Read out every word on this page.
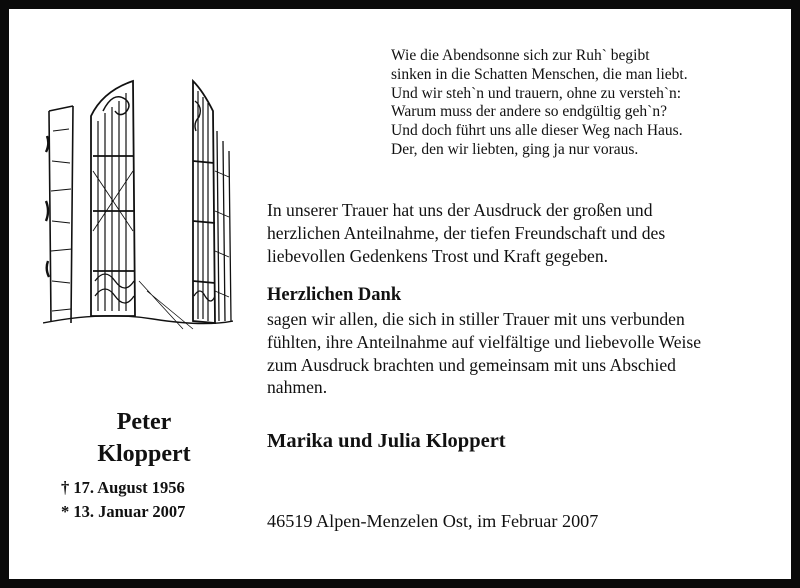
Wie die Abendsonne sich zur Ruh` begibt
sinken in die Schatten Menschen, die man liebt.
Und wir steh`n und trauern, ohne zu versteh`n:
Warum muss der andere so endgültig geh`n?
Und doch führt uns alle dieser Weg nach Haus.
Der, den wir liebten, ging ja nur voraus.
In unserer Trauer hat uns der Ausdruck der großen und
herzlichen Anteilnahme, der tiefen Freundschaft und des
liebevollen Gedenkens Trost und Kraft gegeben.
Herzlichen Dank
sagen wir allen, die sich in stiller Trauer mit uns verbunden
fühlten, ihre Anteilnahme auf vielfältige und liebevolle Weise
zum Ausdruck brachten und gemeinsam mit uns Abschied
nahmen.
Peter
Kloppert
† 17. August 1956
* 13. Januar 2007
Marika und Julia Kloppert
46519 Alpen-Menzelen Ost, im Februar 2007
